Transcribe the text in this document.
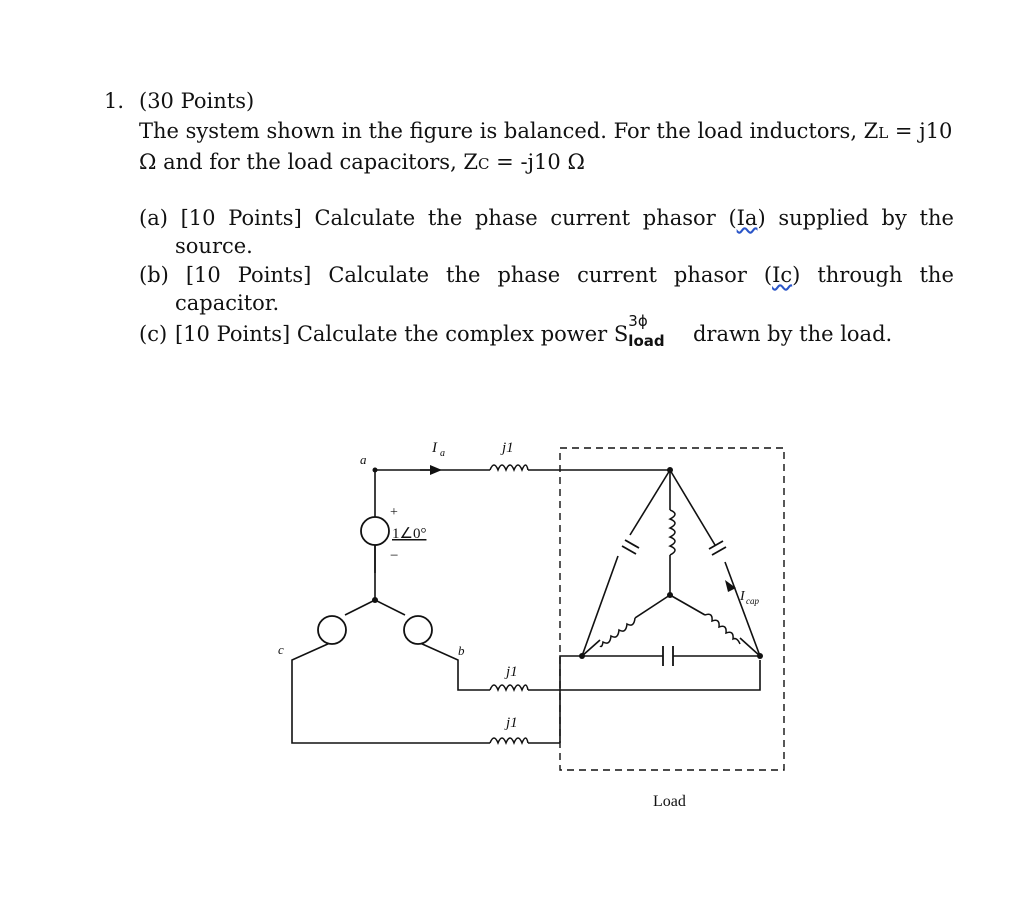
1. (30 Points)
The system shown in the figure is balanced. For the load inductors, ZL = j10 Ω and for the load capacitors, ZC = -j10 Ω
(a) [10 Points] Calculate the phase current phasor (Ia) supplied by the
source.
(b) [10 Points] Calculate the phase current phasor (Ic) through the
capacitor.
(c) [10 Points] Calculate the complex power S
3ϕ
load drawn by the load.
a
b
c
I a	j1
j1
j1
+
−
1∠0°
I cap
Load
